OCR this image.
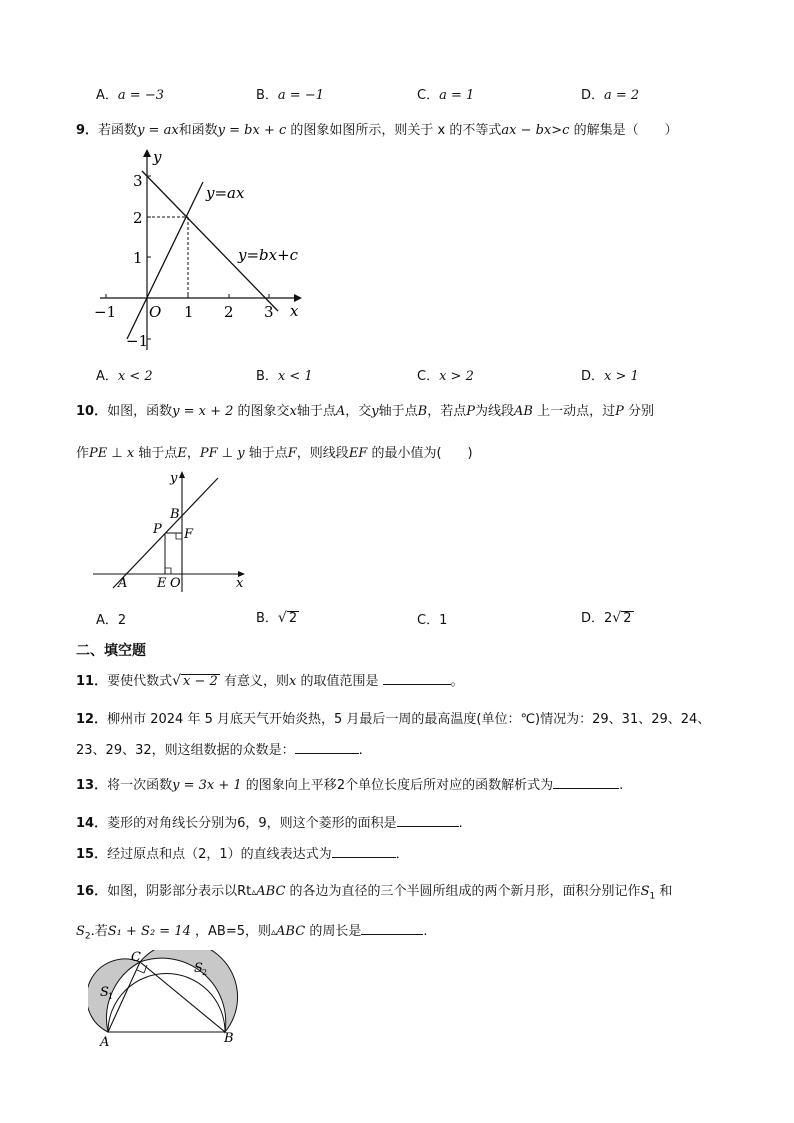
A．a = −3	B．a = −1	C．a = 1	D．a = 2
9．若函数y = ax和函数y = bx + c 的图象如图所示，则关于 x 的不等式ax − bx>c 的解集是（　　）
y
x
O
y=ax
y=bx+c
−1	1 2 3
3
2
1
−1
A．x < 2	B．x < 1	C．x > 2	D．x > 1
10．如图，函数y = x + 2 的图象交x轴于点A，交y轴于点B，若点P为线段AB 上一动点，过P 分别
作PE ⊥ x 轴于点E，PF ⊥ y 轴于点F，则线段EF 的最小值为(　　)
y
x
B
P F
A E O
A．2	B．√ 2	C．1	D．2√ 2
二、填空题
11．要使代数式√ x − 2 有意义，则x 的取值范围是	。
12．柳州市 2024 年 5 月底天气开始炎热，5 月最后一周的最高温度(单位：℃)情况为：29、31、29、24、
23、29、32，则这组数据的众数是：	.
13．将一次函数y = 3x + 1 的图象向上平移2个单位长度后所对应的函数解析式为	.
14．菱形的对角线长分别为6，9，则这个菱形的面积是	.
15．经过原点和点（2，1）的直线表达式为	．
16．如图，阴影部分表示以Rt▵ABC 的各边为直径的三个半圆所组成的两个新月形，面积分别记作$S_1$ 和
$S_2$.若S₁ + S₂ = 14 ，AB=5，则▵ABC 的周长是	.
C
S 2
S 1
A	B
